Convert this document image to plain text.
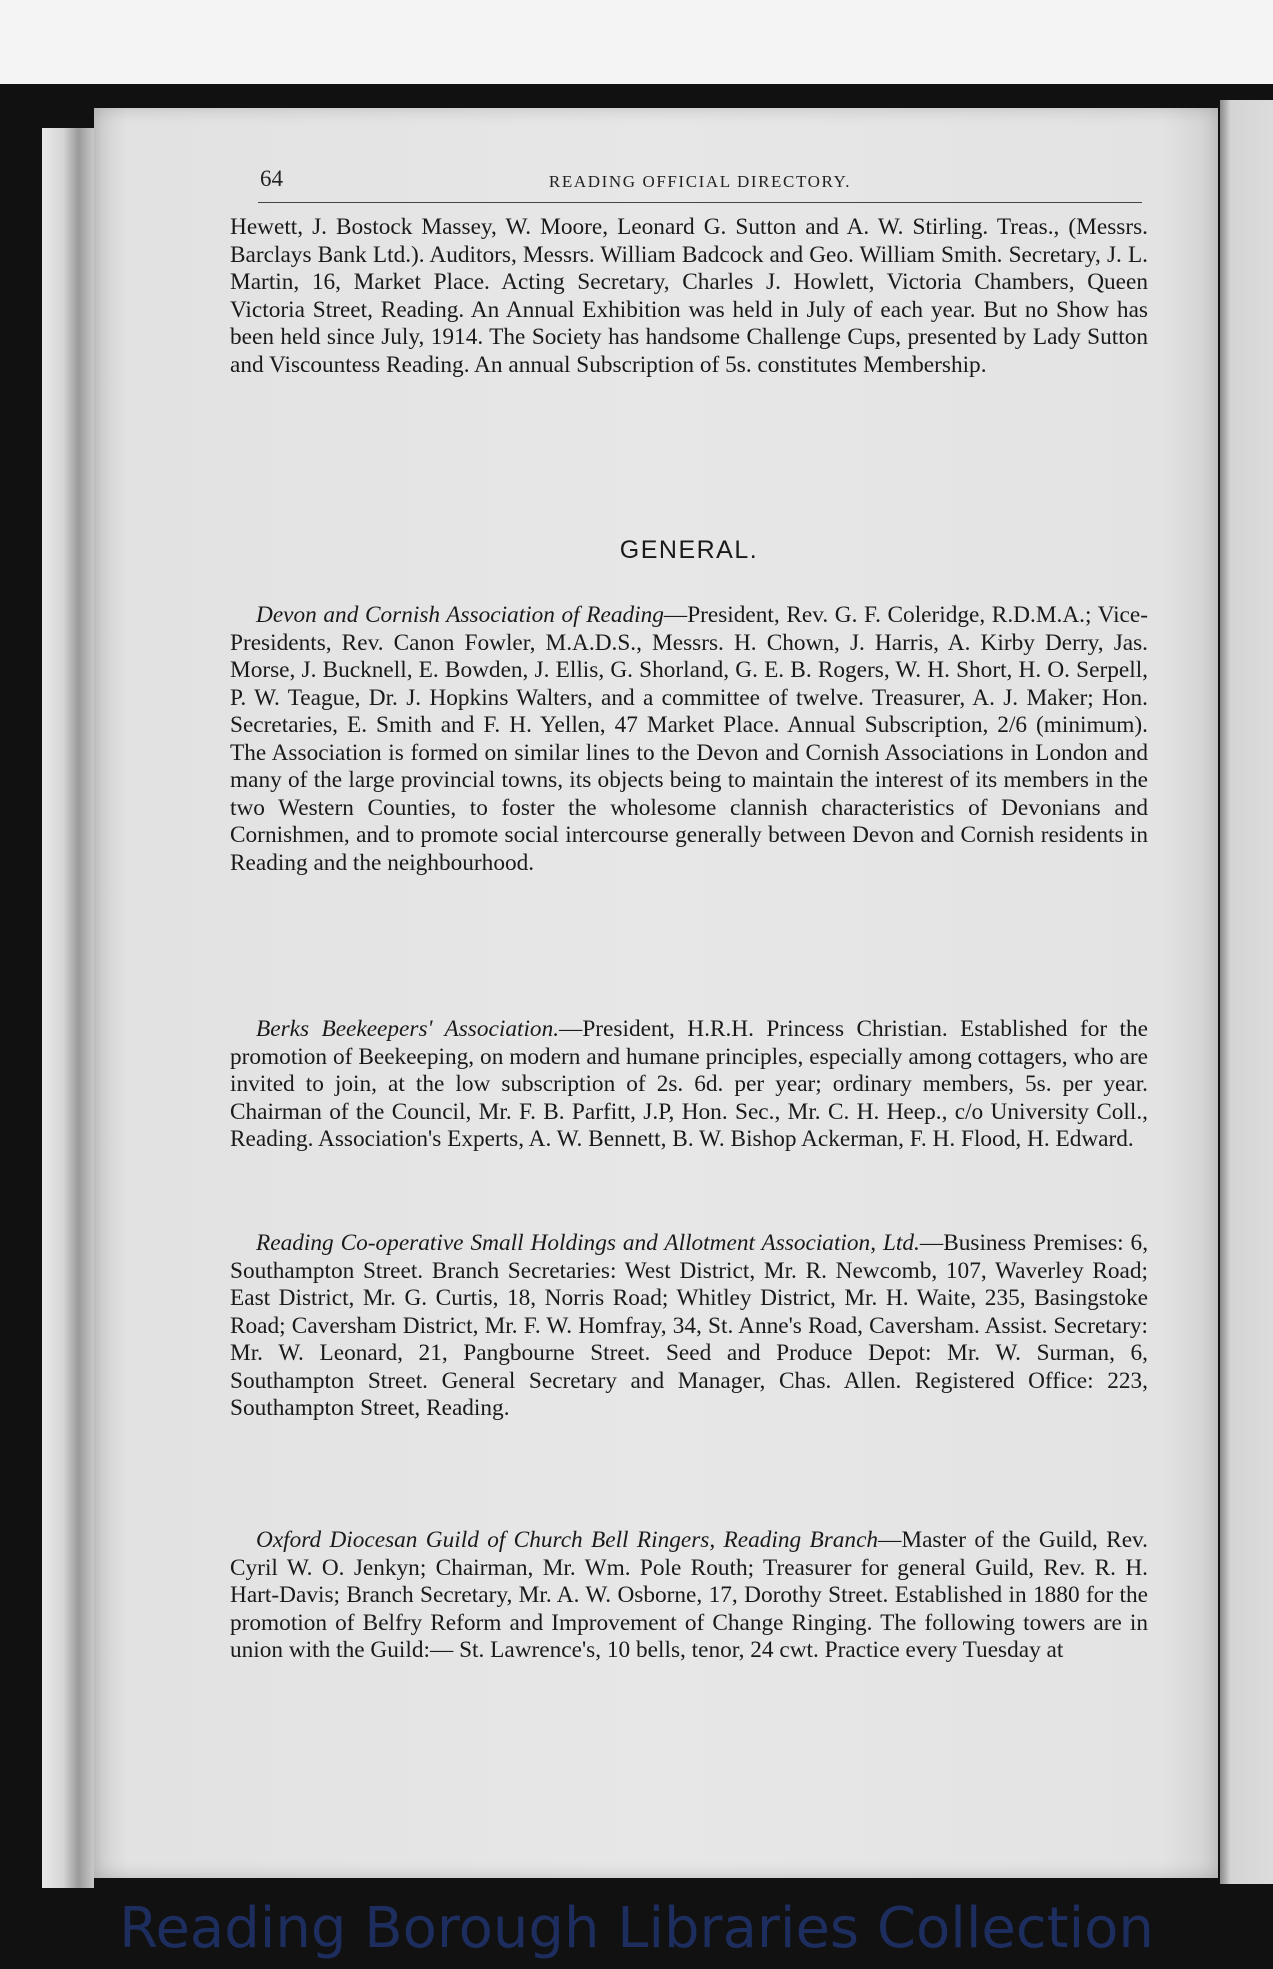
64	READING OFFICIAL DIRECTORY.

Hewett, J. Bostock Massey, W. Moore, Leonard G. Sutton and A. W. Stirling. Treas., (Messrs. Barclays Bank Ltd.). Auditors, Messrs. William Badcock and Geo. William Smith. Secretary, J. L. Martin, 16, Market Place. Acting Secretary, Charles J. Howlett, Victoria Chambers, Queen Victoria Street, Reading. An Annual Exhibition was held in July of each year. But no Show has been held since July, 1914. The Society has handsome Challenge Cups, presented by Lady Sutton and Viscountess Reading. An annual Subscription of 5s. constitutes Membership.

GENERAL.

Devon and Cornish Association of Reading—President, Rev. G. F. Coleridge, R.D.M.A.; Vice-Presidents, Rev. Canon Fowler, M.A.D.S., Messrs. H. Chown, J. Harris, A. Kirby Derry, Jas. Morse, J. Bucknell, E. Bowden, J. Ellis, G. Shorland, G. E. B. Rogers, W. H. Short, H. O. Serpell, P. W. Teague, Dr. J. Hopkins Walters, and a committee of twelve. Treasurer, A. J. Maker; Hon. Secretaries, E. Smith and F. H. Yellen, 47 Market Place. Annual Subscription, 2/6 (minimum). The Association is formed on similar lines to the Devon and Cornish Associations in London and many of the large provincial towns, its objects being to maintain the interest of its members in the two Western Counties, to foster the wholesome clannish characteristics of Devonians and Cornishmen, and to promote social intercourse generally between Devon and Cornish residents in Reading and the neighbourhood.

Berks Beekeepers' Association.—President, H.R.H. Princess Christian. Established for the promotion of Beekeeping, on modern and humane principles, especially among cottagers, who are invited to join, at the low subscription of 2s. 6d. per year; ordinary members, 5s. per year. Chairman of the Council, Mr. F. B. Parfitt, J.P, Hon. Sec., Mr. C. H. Heep., c/o University Coll., Reading. Association's Experts, A. W. Bennett, B. W. Bishop Ackerman, F. H. Flood, H. Edward.

Reading Co-operative Small Holdings and Allotment Association, Ltd.—Business Premises: 6, Southampton Street. Branch Secretaries: West District, Mr. R. Newcomb, 107, Waverley Road; East District, Mr. G. Curtis, 18, Norris Road; Whitley District, Mr. H. Waite, 235, Basingstoke Road; Caversham District, Mr. F. W. Homfray, 34, St. Anne's Road, Caversham. Assist. Secretary: Mr. W. Leonard, 21, Pangbourne Street. Seed and Produce Depot: Mr. W. Surman, 6, Southampton Street. General Secretary and Manager, Chas. Allen. Registered Office: 223, Southampton Street, Reading.

Oxford Diocesan Guild of Church Bell Ringers, Reading Branch—Master of the Guild, Rev. Cyril W. O. Jenkyn; Chairman, Mr. Wm. Pole Routh; Treasurer for general Guild, Rev. R. H. Hart-Davis; Branch Secretary, Mr. A. W. Osborne, 17, Dorothy Street. Established in 1880 for the promotion of Belfry Reform and Improvement of Change Ringing. The following towers are in union with the Guild:— St. Lawrence's, 10 bells, tenor, 24 cwt. Practice every Tuesday at

Reading Borough Libraries Collection
